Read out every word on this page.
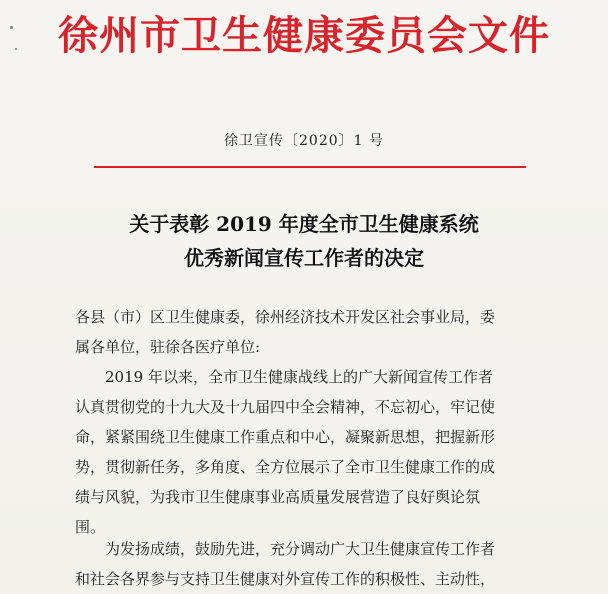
徐州市卫生健康委员会文件
徐卫宣传〔2020〕1 号
关于表彰 2019 年度全市卫生健康系统
优秀新闻宣传工作者的决定
各县（市）区卫生健康委，徐州经济技术开发区社会事业局，委
属各单位，驻徐各医疗单位:
2019 年以来，全市卫生健康战线上的广大新闻宣传工作者
认真贯彻党的十九大及十九届四中全会精神，不忘初心，牢记使
命，紧紧围绕卫生健康工作重点和中心，凝聚新思想，把握新形
势，贯彻新任务，多角度、全方位展示了全市卫生健康工作的成
绩与风貌，为我市卫生健康事业高质量发展营造了良好舆论氛
围。
为发扬成绩，鼓励先进，充分调动广大卫生健康宣传工作者
和社会各界参与支持卫生健康对外宣传工作的积极性、主动性，
